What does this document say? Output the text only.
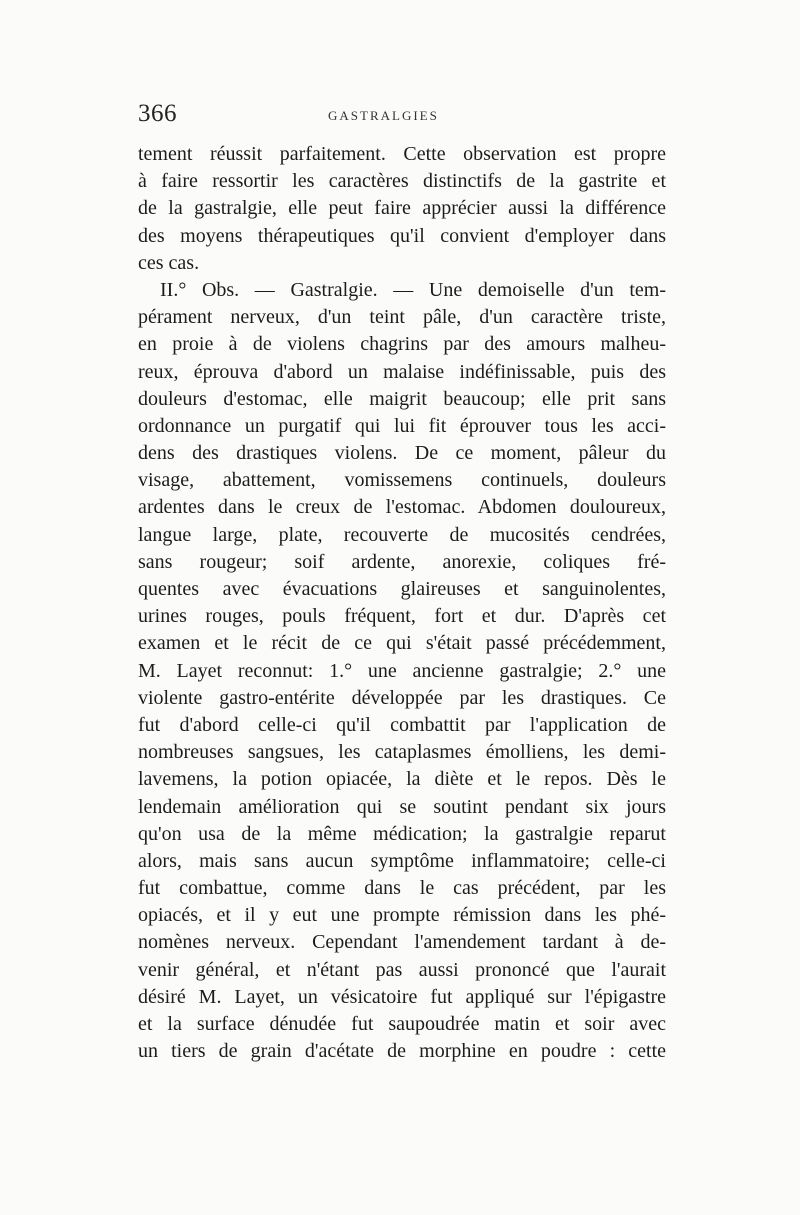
366	GASTRALGIES
tement réussit parfaitement. Cette observation est propre
à faire ressortir les caractères distinctifs de la gastrite et
de la gastralgie, elle peut faire apprécier aussi la différence
des moyens thérapeutiques qu'il convient d'employer dans
ces cas.
II.° Obs. — Gastralgie. — Une demoiselle d'un tem-
pérament nerveux, d'un teint pâle, d'un caractère triste,
en proie à de violens chagrins par des amours malheu-
reux, éprouva d'abord un malaise indéfinissable, puis des
douleurs d'estomac, elle maigrit beaucoup; elle prit sans
ordonnance un purgatif qui lui fit éprouver tous les acci-
dens des drastiques violens. De ce moment, pâleur du
visage, abattement, vomissemens continuels, douleurs
ardentes dans le creux de l'estomac. Abdomen douloureux,
langue large, plate, recouverte de mucosités cendrées,
sans rougeur; soif ardente, anorexie, coliques fré-
quentes avec évacuations glaireuses et sanguinolentes,
urines rouges, pouls fréquent, fort et dur. D'après cet
examen et le récit de ce qui s'était passé précédemment,
M. Layet reconnut: 1.° une ancienne gastralgie; 2.° une
violente gastro-entérite développée par les drastiques. Ce
fut d'abord celle-ci qu'il combattit par l'application de
nombreuses sangsues, les cataplasmes émolliens, les demi-
lavemens, la potion opiacée, la diète et le repos. Dès le
lendemain amélioration qui se soutint pendant six jours
qu'on usa de la même médication; la gastralgie reparut
alors, mais sans aucun symptôme inflammatoire; celle-ci
fut combattue, comme dans le cas précédent, par les
opiacés, et il y eut une prompte rémission dans les phé-
nomènes nerveux. Cependant l'amendement tardant à de-
venir général, et n'étant pas aussi prononcé que l'aurait
désiré M. Layet, un vésicatoire fut appliqué sur l'épigastre
et la surface dénudée fut saupoudrée matin et soir avec
un tiers de grain d'acétate de morphine en poudre : cette
